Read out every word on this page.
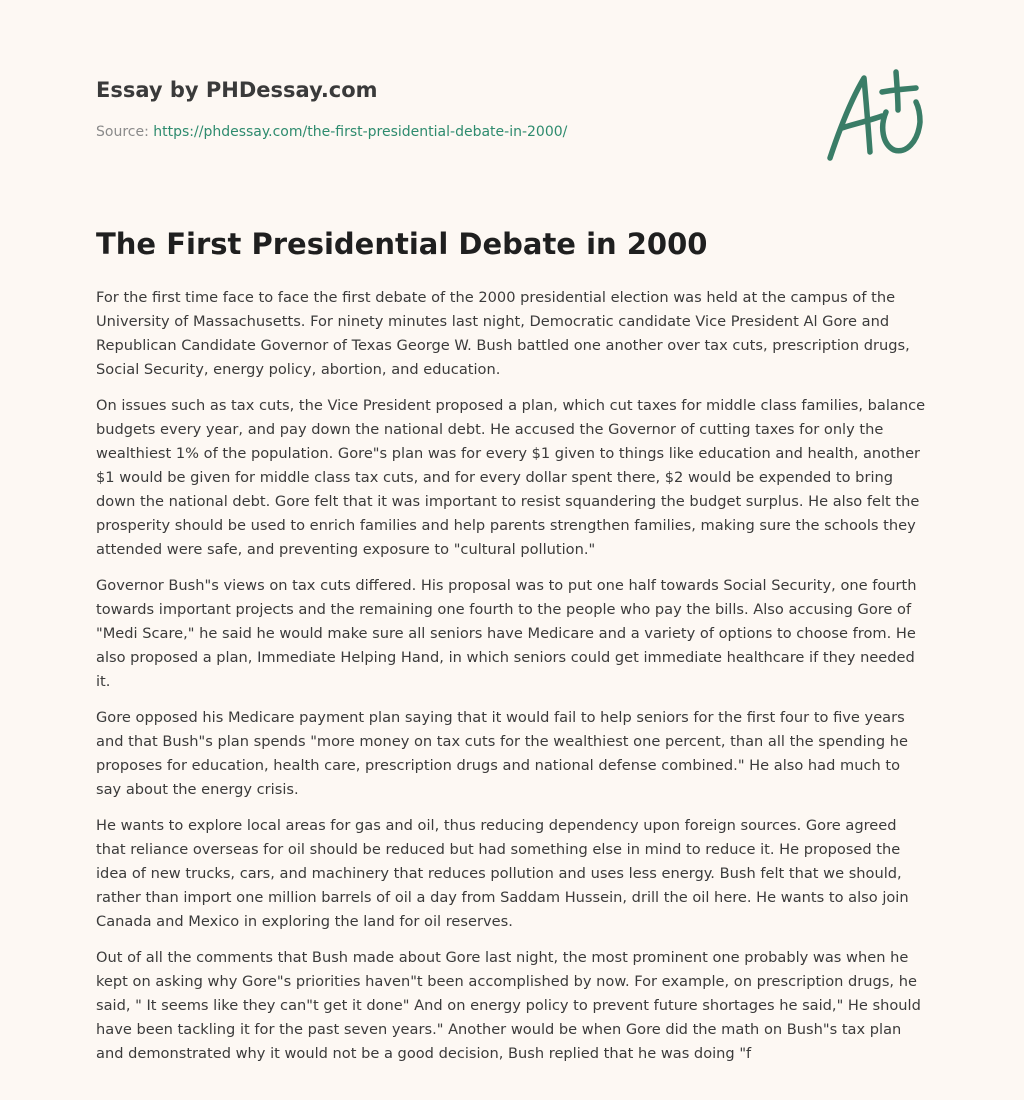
Essay by PHDessay.com
Source: https://phdessay.com/the-first-presidential-debate-in-2000/
The First Presidential Debate in 2000

For the first time face to face the first debate of the 2000 presidential election was held at the campus of the University of Massachusetts. For ninety minutes last night, Democratic candidate Vice President Al Gore and Republican Candidate Governor of Texas George W. Bush battled one another over tax cuts, prescription drugs, Social Security, energy policy, abortion, and education.

On issues such as tax cuts, the Vice President proposed a plan, which cut taxes for middle class families, balance budgets every year, and pay down the national debt. He accused the Governor of cutting taxes for only the wealthiest 1% of the population. Gore"s plan was for every $1 given to things like education and health, another $1 would be given for middle class tax cuts, and for every dollar spent there, $2 would be expended to bring down the national debt. Gore felt that it was important to resist squandering the budget surplus. He also felt the prosperity should be used to enrich families and help parents strengthen families, making sure the schools they attended were safe, and preventing exposure to "cultural pollution."

Governor Bush"s views on tax cuts differed. His proposal was to put one half towards Social Security, one fourth towards important projects and the remaining one fourth to the people who pay the bills. Also accusing Gore of "Medi Scare," he said he would make sure all seniors have Medicare and a variety of options to choose from. He also proposed a plan, Immediate Helping Hand, in which seniors could get immediate healthcare if they needed it.

Gore opposed his Medicare payment plan saying that it would fail to help seniors for the first four to five years and that Bush"s plan spends "more money on tax cuts for the wealthiest one percent, than all the spending he proposes for education, health care, prescription drugs and national defense combined." He also had much to say about the energy crisis.

He wants to explore local areas for gas and oil, thus reducing dependency upon foreign sources. Gore agreed that reliance overseas for oil should be reduced but had something else in mind to reduce it. He proposed the idea of new trucks, cars, and machinery that reduces pollution and uses less energy. Bush felt that we should, rather than import one million barrels of oil a day from Saddam Hussein, drill the oil here. He wants to also join Canada and Mexico in exploring the land for oil reserves.

Out of all the comments that Bush made about Gore last night, the most prominent one probably was when he kept on asking why Gore"s priorities haven"t been accomplished by now. For example, on prescription drugs, he said, " It seems like they can"t get it done" And on energy policy to prevent future shortages he said," He should have been tackling it for the past seven years." Another would be when Gore did the math on Bush"s tax plan and demonstrated why it would not be a good decision, Bush replied that he was doing "f
